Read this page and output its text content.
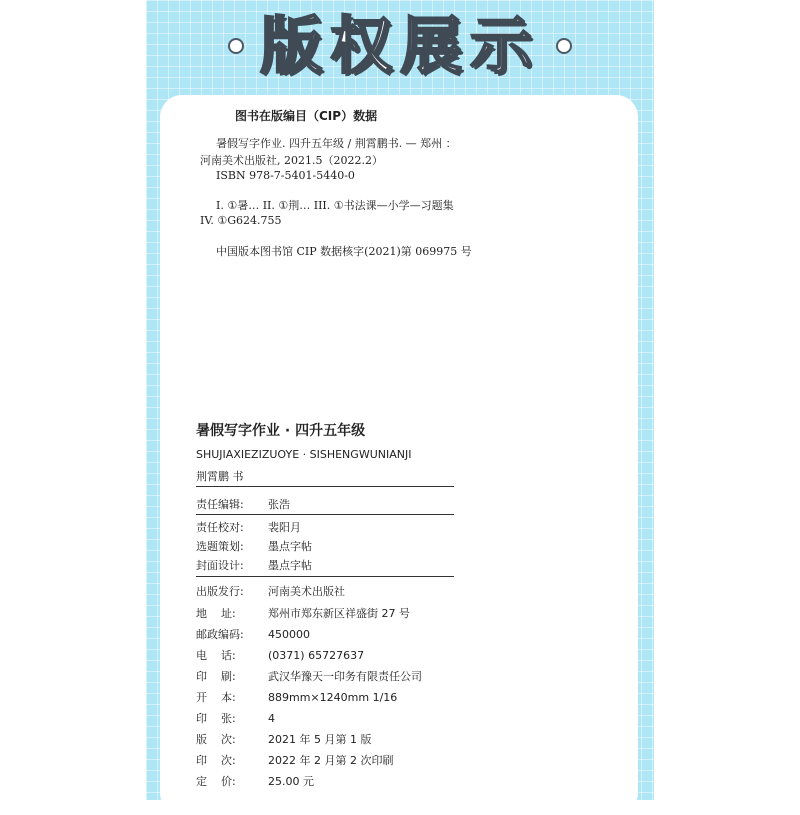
版权展示
图书在版编目（CIP）数据
暑假写字作业. 四升五年级 / 荆霄鹏书. — 郑州 ：
河南美术出版社, 2021.5（2022.2）
ISBN 978-7-5401-5440-0
I. ①暑… II. ①荆… III. ①书法课—小学—习题集
IV. ①G624.755
中国版本图书馆 CIP 数据核字(2021)第 069975 号
暑假写字作业 · 四升五年级
SHUJIAXIEZIZUOYE · SISHENGWUNIANJI
荆霄鹏 书
责任编辑: 张浩
责任校对: 裴阳月
选题策划: 墨点字帖
封面设计: 墨点字帖
出版发行: 河南美术出版社
地    址:	郑州市郑东新区祥盛街 27 号
邮政编码: 450000
电    话:	(0371) 65727637
印    刷:	武汉华豫天一印务有限责任公司
开    本:	889mm×1240mm 1/16
印    张:	4
版    次:	2021 年 5 月第 1 版
印    次:	2022 年 2 月第 2 次印刷
定    价:	25.00 元
